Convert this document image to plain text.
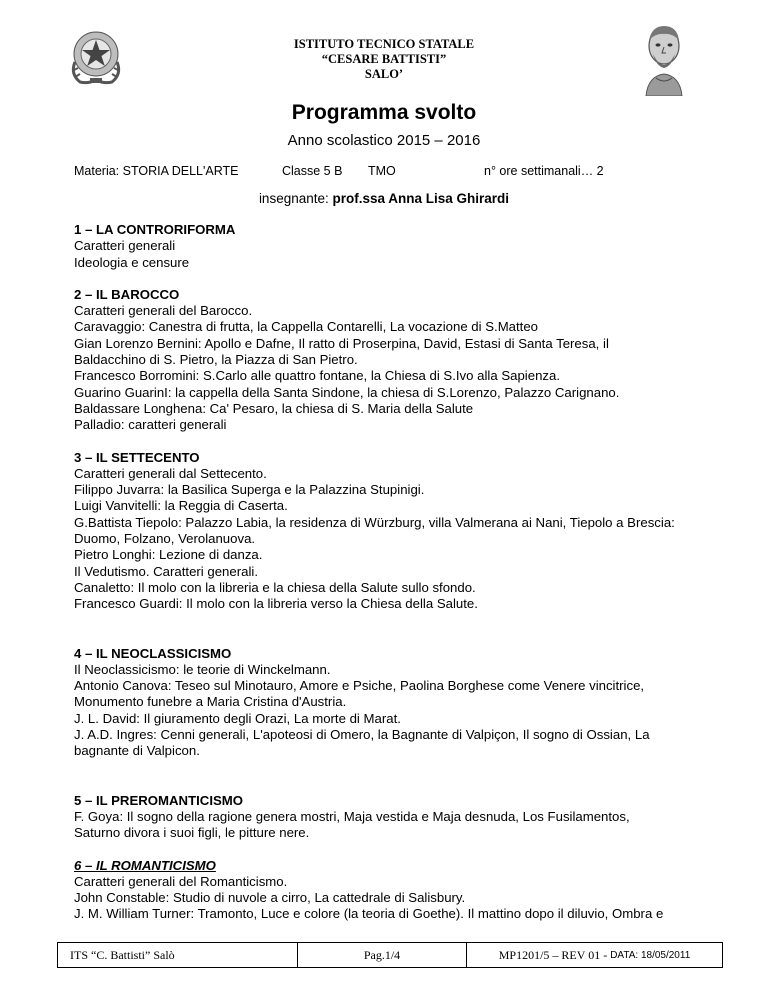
ISTITUTO TECNICO STATALE
“CESARE BATTISTI”
SALO’
Programma svolto
Anno scolastico 2015 – 2016
Materia: STORIA DELL'ARTE	Classe 5 B TMO	n° ore settimanali… 2
insegnante: prof.ssa Anna Lisa Ghirardi
1 – LA CONTRORIFORMA
Caratteri generali
Ideologia e censure
2 – IL BAROCCO
Caratteri generali del Barocco.
Caravaggio: Canestra di frutta, la Cappella Contarelli, La vocazione di S.Matteo
Gian Lorenzo Bernini: Apollo e Dafne, Il ratto di Proserpina, David, Estasi di Santa Teresa, il
Baldacchino di S. Pietro, la Piazza di San Pietro.
Francesco Borromini: S.Carlo alle quattro fontane, la Chiesa di S.Ivo alla Sapienza.
Guarino GuarinI: la cappella della Santa Sindone, la chiesa di S.Lorenzo, Palazzo Carignano.
Baldassare Longhena: Ca' Pesaro, la chiesa di S. Maria della Salute
Palladio: caratteri generali
3 – IL SETTECENTO
Caratteri generali dal Settecento.
Filippo Juvarra: la Basilica Superga e la Palazzina Stupinigi.
Luigi Vanvitelli: la Reggia di Caserta.
G.Battista Tiepolo: Palazzo Labia, la residenza di Würzburg, villa Valmerana ai Nani, Tiepolo a Brescia:
Duomo, Folzano, Verolanuova.
Pietro Longhi: Lezione di danza.
Il Vedutismo. Caratteri generali.
Canaletto: Il molo con la libreria e la chiesa della Salute sullo sfondo.
Francesco Guardi: Il molo con la libreria verso la Chiesa della Salute.
4 – IL NEOCLASSICISMO
Il Neoclassicismo: le teorie di Winckelmann.
Antonio Canova: Teseo sul Minotauro, Amore e Psiche, Paolina Borghese come Venere vincitrice,
Monumento funebre a Maria Cristina d'Austria.
J. L. David: Il giuramento degli Orazi, La morte di Marat.
J. A.D. Ingres: Cenni generali, L'apoteosi di Omero, la Bagnante di Valpiçon, Il sogno di Ossian, La
bagnante di Valpicon.
5 – IL PREROMANTICISMO
F. Goya: Il sogno della ragione genera mostri, Maja vestida e Maja desnuda, Los Fusilamentos,
Saturno divora i suoi figli, le pitture nere.
6 – IL ROMANTICISMO
Caratteri generali del Romanticismo.
John Constable: Studio di nuvole a cirro, La cattedrale di Salisbury.
J. M. William Turner: Tramonto, Luce e colore (la teoria di Goethe). Il mattino dopo il diluvio, Ombra e
ITS “C. Battisti” Salò	Pag.1/4	MP1201/5 – REV 01 -
DATA: 18/05/2011
